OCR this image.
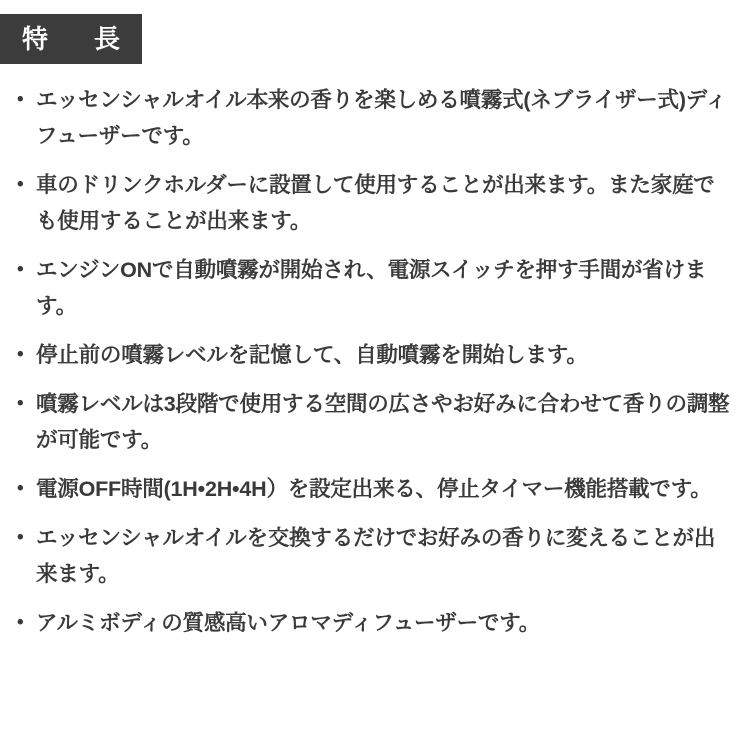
特　長
• エッセンシャルオイル本来の香りを楽しめる噴霧式(ネブライザー式)ディフューザーです。
• 車のドリンクホルダーに設置して使用することが出来ます。また家庭でも使用することが出来ます。
• エンジンONで自動噴霧が開始され、電源スイッチを押す手間が省けます。
• 停止前の噴霧レベルを記憶して、自動噴霧を開始します。
• 噴霧レベルは3段階で使用する空間の広さやお好みに合わせて香りの調整が可能です。
• 電源OFF時間(1H•2H•4H）を設定出来る、停止タイマー機能搭載です。
• エッセンシャルオイルを交換するだけでお好みの香りに変えることが出来ます。
• アルミボディの質感高いアロマディフューザーです。
